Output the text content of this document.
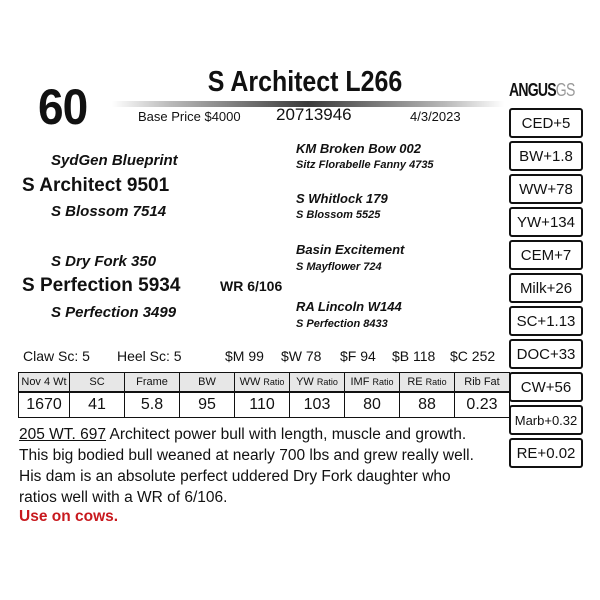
60	S Architect L266
Base Price $4000 20713946	4/3/2023
ANGUSGS
SydGen Blueprint
S Architect 9501
S Blossom 7514
S Dry Fork 350
S Perfection 5934
S Perfection 3499
WR 6/106
KM Broken Bow 002
Sitz Florabelle Fanny 4735
S Whitlock 179
S Blossom 5525
Basin Excitement
S Mayflower 724
RA Lincoln W144
S Perfection 8433
CED+5
BW+1.8
WW+78
YW+134
CEM+7
Milk+26
SC+1.13
DOC+33
CW+56
Marb+0.32
RE+0.02
Claw Sc: 5 Heel Sc: 5	$M 99 $W 78 $F 94 $B 118 $C 252
Nov 4 Wt	SC	Frame	BW	WW Ratio	YW Ratio	IMF Ratio	RE Ratio	Rib Fat
1670	41	5.8	95	110	103	80	88	0.23
205 WT. 697 Architect power bull with length, muscle and growth. This big bodied bull weaned at nearly 700 lbs and grew really well. His dam is an absolute perfect uddered Dry Fork daughter who ratios well with a WR of 6/106.
Use on cows.
